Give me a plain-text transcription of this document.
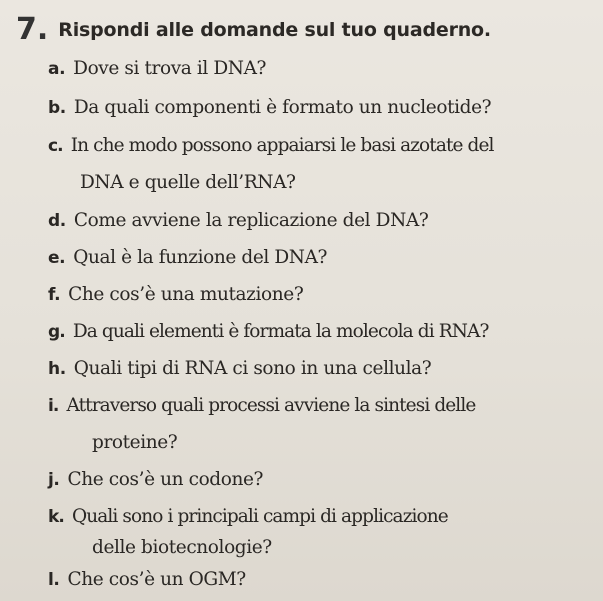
7. Rispondi alle domande sul tuo quaderno.
a. Dove si trova il DNA?
b. Da quali componenti è formato un nucleotide?
c. In che modo possono appaiarsi le basi azotate del
DNA e quelle dell’RNA?
d. Come avviene la replicazione del DNA?
e. Qual è la funzione del DNA?
f. Che cos’è una mutazione?
g. Da quali elementi è formata la molecola di RNA?
h. Quali tipi di RNA ci sono in una cellula?
i. Attraverso quali processi avviene la sintesi delle
proteine?
j. Che cos’è un codone?
k. Quali sono i principali campi di applicazione
delle biotecnologie?
l. Che cos’è un OGM?
